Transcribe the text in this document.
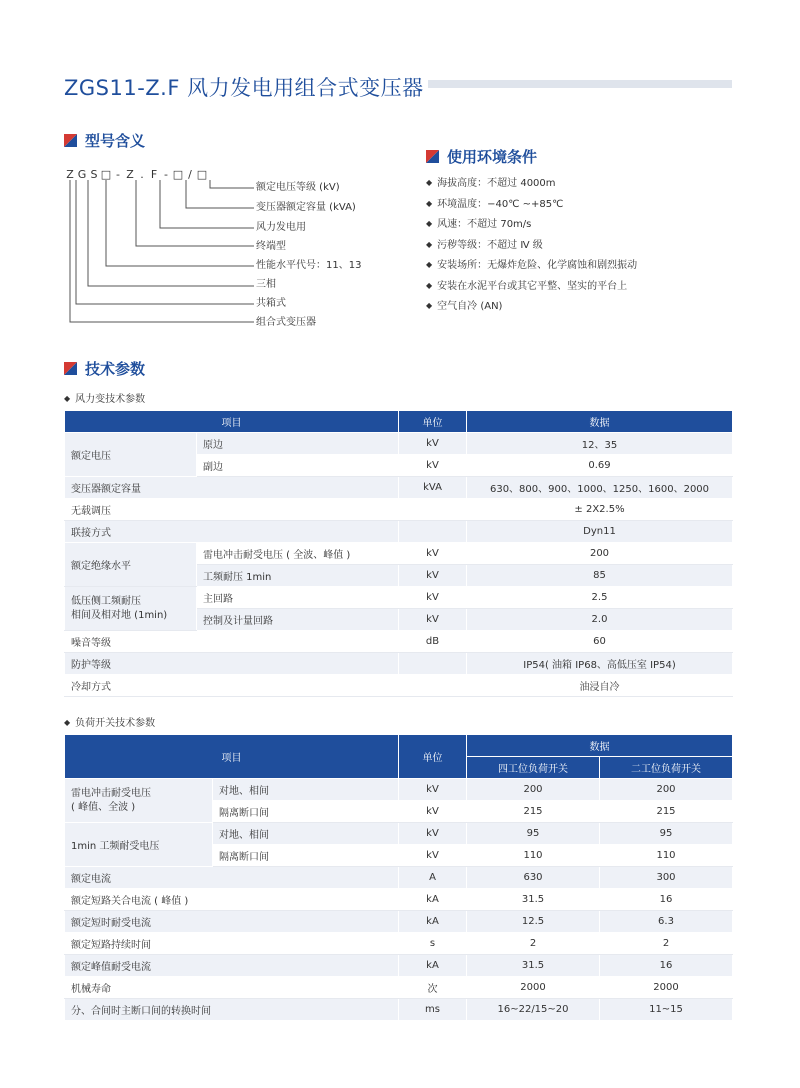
ZGS11-Z.F 风力发电用组合式变压器
型号含义
Z G S □ - Z . F - □ / □
额定电压等级 (kV)
变压器额定容量 (kVA)
风力发电用
终端型
性能水平代号：11、13
三相
共箱式
组合式变压器
使用环境条件
◆ 海拔高度：不超过 4000m
◆ 环境温度：−40℃ ~+85℃
◆ 风速：不超过 70m/s
◆ 污秽等级：不超过 Ⅳ 级
◆ 安装场所：无爆炸危险、化学腐蚀和剧烈振动
◆ 安装在水泥平台或其它平整、坚实的平台上
◆ 空气自冷 (AN)
技术参数
◆ 风力变技术参数
项目		单位	数据
额定电压	原边	kV	12、35
	副边	kV	0.69
变压器额定容量		kVA	630、800、900、1000、1250、1600、2000
无载调压			± 2X2.5%
联接方式			Dyn11
额定绝缘水平	雷电冲击耐受电压 ( 全波、峰值 )	kV	200
	工频耐压 1min	kV	85

低压侧工频耐压
相间及相对地 (1min)	主回路	kV	2.5
	控制及计量回路	kV	2.0
噪音等级		dB	60
防护等级			IP54( 油箱 IP68、高低压室 IP54)
冷却方式			油浸自冷
◆ 负荷开关技术参数
项目		单位	数据	
			四工位负荷开关	二工位负荷开关

雷电冲击耐受电压
( 峰值、全波 )	对地、相间	kV	200	200
	隔离断口间	kV	215	215
1min 工频耐受电压	对地、相间	kV	95	95
	隔离断口间	kV	110	110
额定电流		A	630	300
额定短路关合电流 ( 峰值 )		kA	31.5	16
额定短时耐受电流		kA	12.5	6.3
额定短路持续时间		s	2	2
额定峰值耐受电流		kA	31.5	16
机械寿命		次	2000	2000
分、合间时主断口间的转换时间		ms	16~22/15~20	11~15
